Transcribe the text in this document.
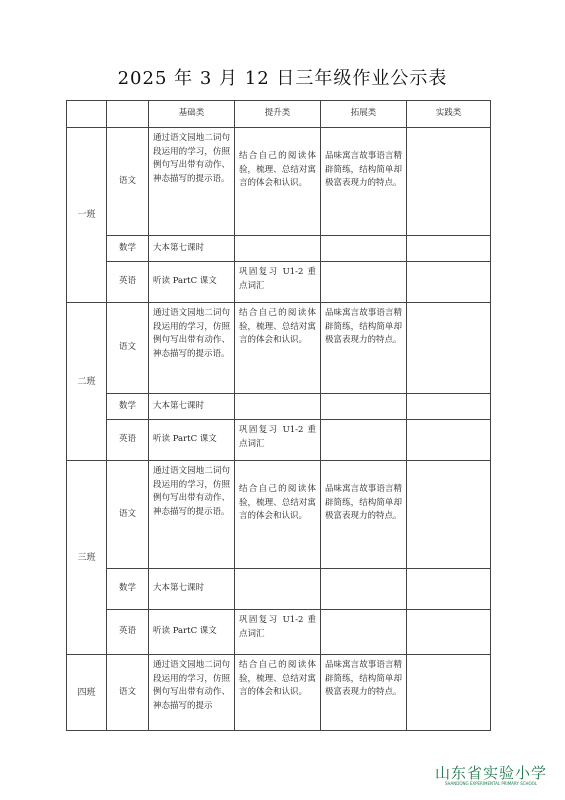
2025 年 3 月 12 日三年级作业公示表
		基础类	提升类	拓展类	实践类
一班	语文	通过语文园地二词句段运用的学习，仿照例句写出带有动作、神态描写的提示语。	结合自己的阅读体验，梳理、总结对寓言的体会和认识。	品味寓言故事语言精辟简练，结构简单却极富表现力的特点。	
	数学	大本第七课时			
	英语	听读 PartC 课文	巩固复习 U1-2 重点词汇		
二班	语文	通过语文园地二词句段运用的学习，仿照例句写出带有动作、神态描写的提示语。	结合自己的阅读体验，梳理、总结对寓言的体会和认识。	品味寓言故事语言精辟简练，结构简单却极富表现力的特点。	
	数学	大本第七课时			
	英语	听读 PartC 课文	巩固复习 U1-2 重点词汇		
三班	语文	通过语文园地二词句段运用的学习，仿照例句写出带有动作、神态描写的提示语。	结合自己的阅读体验，梳理、总结对寓言的体会和认识。	品味寓言故事语言精辟简练，结构简单却极富表现力的特点。	
	数学	大本第七课时			
	英语	听读 PartC 课文	巩固复习 U1-2 重点词汇		
四班	语文	通过语文园地二词句段运用的学习，仿照例句写出带有动作、神态描写的提示	结合自己的阅读体验，梳理、总结对寓言的体会和认识。	品味寓言故事语言精辟简练，结构简单却极富表现力的特点。	
山东省实验小学
SHANDONG EXPERIMENTAL PRIMARY SCHOOL
